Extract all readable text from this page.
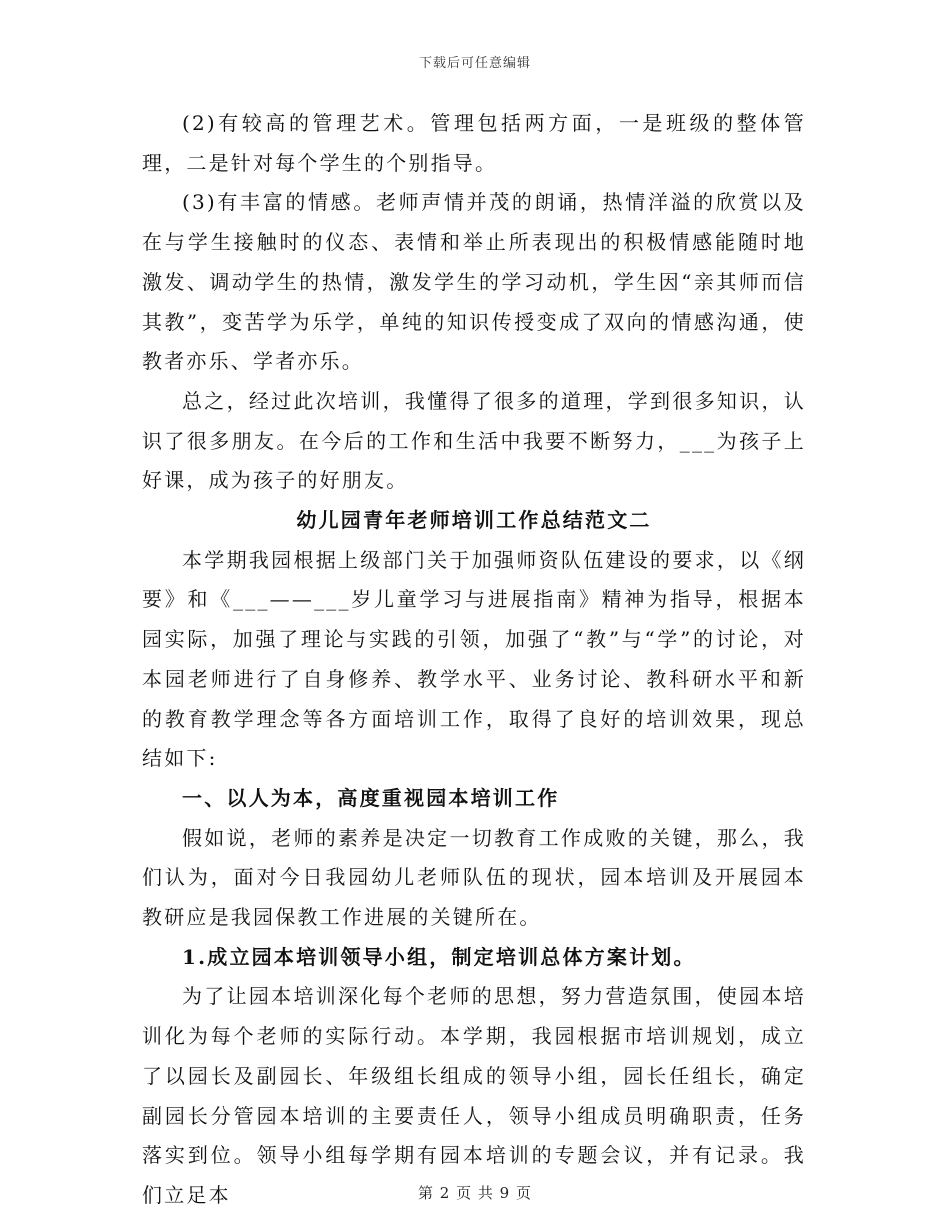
下载后可任意编辑

(2)有较高的管理艺术。管理包括两方面，一是班级的整体管理，二是针对每个学生的个别指导。

(3)有丰富的情感。老师声情并茂的朗诵，热情洋溢的欣赏以及在与学生接触时的仪态、表情和举止所表现出的积极情感能随时地激发、调动学生的热情，激发学生的学习动机，学生因“亲其师而信其教”，变苦学为乐学，单纯的知识传授变成了双向的情感沟通，使教者亦乐、学者亦乐。

总之，经过此次培训，我懂得了很多的道理，学到很多知识，认识了很多朋友。在今后的工作和生活中我要不断努力，___为孩子上好课，成为孩子的好朋友。

幼儿园青年老师培训工作总结范文二

本学期我园根据上级部门关于加强师资队伍建设的要求，以《纲要》和《___——___岁儿童学习与进展指南》精神为指导，根据本园实际，加强了理论与实践的引领，加强了“教”与“学”的讨论，对本园老师进行了自身修养、教学水平、业务讨论、教科研水平和新的教育教学理念等各方面培训工作，取得了良好的培训效果，现总结如下:

一、以人为本，高度重视园本培训工作

假如说，老师的素养是决定一切教育工作成败的关键，那么，我们认为，面对今日我园幼儿老师队伍的现状，园本培训及开展园本教研应是我园保教工作进展的关键所在。

1.成立园本培训领导小组，制定培训总体方案计划。

为了让园本培训深化每个老师的思想，努力营造氛围，使园本培训化为每个老师的实际行动。本学期，我园根据市培训规划，成立了以园长及副园长、年级组长组成的领导小组，园长任组长，确定副园长分管园本培训的主要责任人，领导小组成员明确职责，任务落实到位。领导小组每学期有园本培训的专题会议，并有记录。我们立足本	第 2 页 共 9 页
